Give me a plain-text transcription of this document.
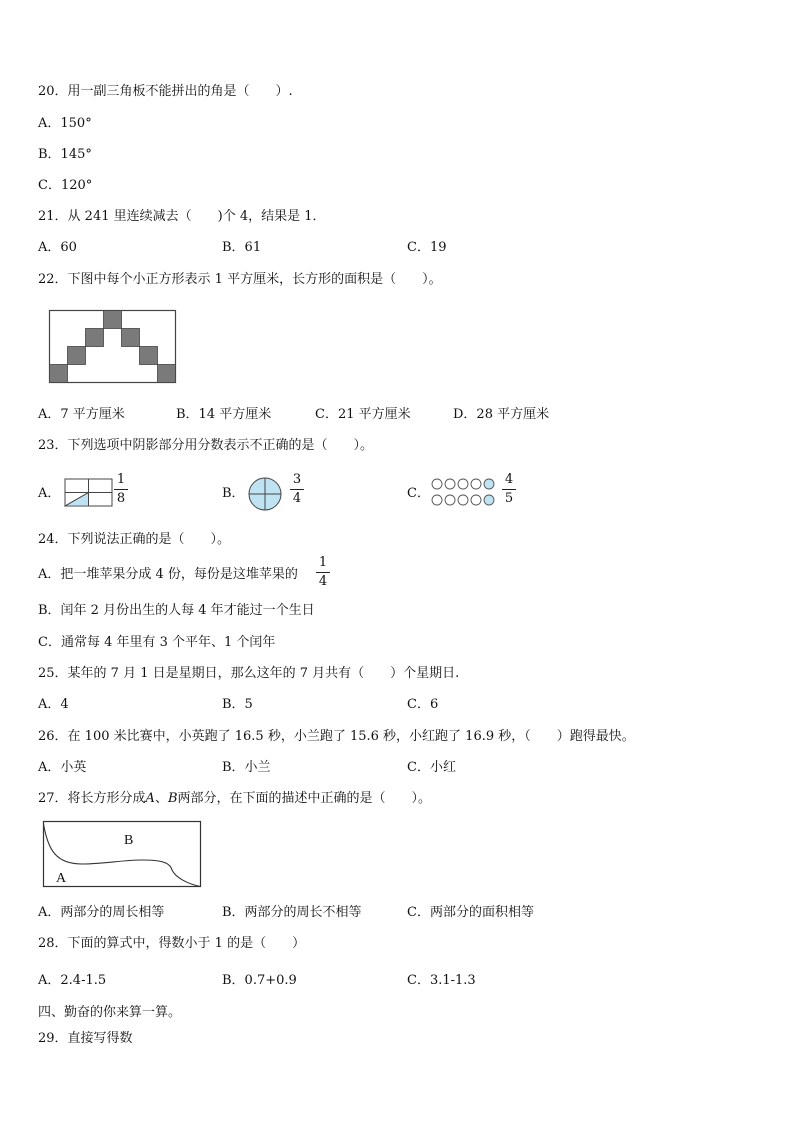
20．用一副三角板不能拼出的角是（　　）.
A．150°
B．145°
C．120°
21．从 241 里连续减去（　　)个 4，结果是 1．
A．60	B．61	C．19
22．下图中每个小正方形表示 1 平方厘米，长方形的面积是（　　）。
A．7 平方厘米	B．14 平方厘米	C．21 平方厘米	D．28 平方厘米
23．下列选项中阴影部分用分数表示不正确的是（　　）。
A．
1
8	B．
3
4	C．
4
5
24．下列说法正确的是（　　）。
A．把一堆苹果分成 4 份，每份是这堆苹果的
1
4
B．闰年 2 月份出生的人每 4 年才能过一个生日
C．通常每 4 年里有 3 个平年、1 个闰年
25．某年的 7 月 1 日是星期日，那么这年的 7 月共有（　　）个星期日.
A．4	B．5	C．6
26．在 100 米比赛中，小英跑了 16.5 秒，小兰跑了 15.6 秒，小红跑了 16.9 秒，（　　）跑得最快。
A．小英	B．小兰	C．小红
27．将长方形分成A、B两部分，在下面的描述中正确的是（　　）。
B
A
A．两部分的周长相等	B．两部分的周长不相等	C．两部分的面积相等
28．下面的算式中，得数小于 1 的是（　　）
A．2.4-1.5	B．0.7+0.9	C．3.1-1.3
四、勤奋的你来算一算。
29．直接写得数
